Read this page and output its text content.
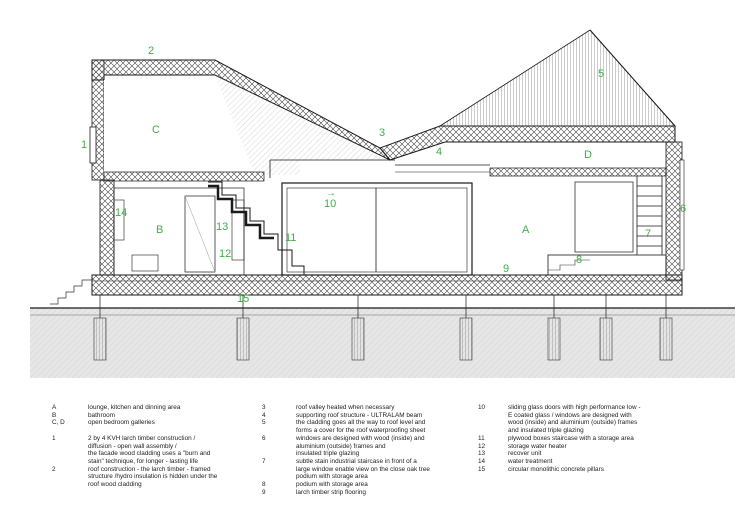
C
2
1
3
4
5
D
6
7
A
8
9
→
10
11
B
14
13
12
15
A	lounge, kitchen and dinning area
B	bathroom
C, D	open bedroom galleries
1	2 by 4 KVH larch timber construction /
diffusion - open wall assembly /
the facade wood cladding uses a "burn and
stain" technique, for longer - lasting life
2	roof construction - the larch timber - framed
structure /hydro insulation is hidden under the
roof wood cladding
3	roof valley heated when necessary
4	supporting roof structure - ULTRALAM beam
5	the cladding goes all the way to roof level and
forms a cover for the roof waterproofing sheet
6	windows are designed with wood (inside) and
aluminium (outside) frames and
insulated triple glazing
7	subtle stain industrial staircase in front of a
large window enable view on the close oak tree
podium with storage area
8	podium with storage area
9	larch timber strip flooring
10	sliding glass doors with high performance low -
E coated glass / windows are designed with
wood (inside) and aluminium (outside) frames
and insulated triple glazing
11	plywood boxes staircase with a storage area
12	storage water heater
13	recover unit
14	water treatment
15	circular monolithic concrete pillars
